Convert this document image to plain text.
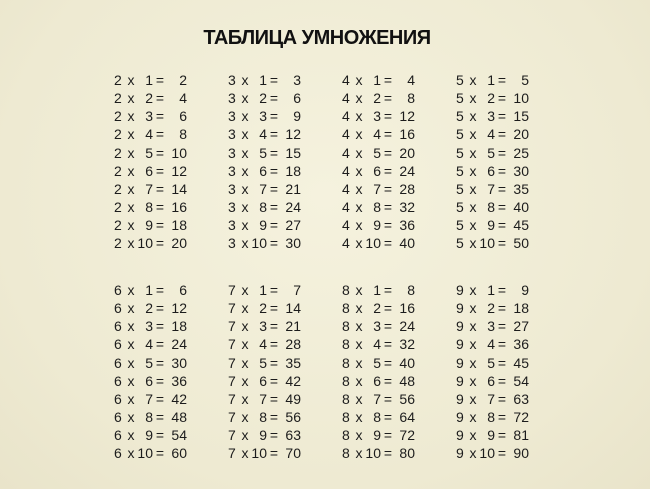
ТАБЛИЦА УМНОЖЕНИЯ
2 x 1 =	2
2 x 2 =	4
2 x 3 =	6
2 x 4 =	8
2 x 5 = 10
2 x 6 = 12
2 x 7 = 14
2 x 8 = 16
2 x 9 = 18
2 x 10 = 20
3 x 1 =	3
3 x 2 =	6
3 x 3 =	9
3 x 4 = 12
3 x 5 = 15
3 x 6 = 18
3 x 7 = 21
3 x 8 = 24
3 x 9 = 27
3 x 10 = 30
4 x 1 =	4
4 x 2 =	8
4 x 3 = 12
4 x 4 = 16
4 x 5 = 20
4 x 6 = 24
4 x 7 = 28
4 x 8 = 32
4 x 9 = 36
4 x 10 = 40
5 x 1 =	5
5 x 2 = 10
5 x 3 = 15
5 x 4 = 20
5 x 5 = 25
5 x 6 = 30
5 x 7 = 35
5 x 8 = 40
5 x 9 = 45
5 x 10 = 50
6 x 1 =	6
6 x 2 = 12
6 x 3 = 18
6 x 4 = 24
6 x 5 = 30
6 x 6 = 36
6 x 7 = 42
6 x 8 = 48
6 x 9 = 54
6 x 10 = 60
7 x 1 =	7
7 x 2 = 14
7 x 3 = 21
7 x 4 = 28
7 x 5 = 35
7 x 6 = 42
7 x 7 = 49
7 x 8 = 56
7 x 9 = 63
7 x 10 = 70
8 x 1 =	8
8 x 2 = 16
8 x 3 = 24
8 x 4 = 32
8 x 5 = 40
8 x 6 = 48
8 x 7 = 56
8 x 8 = 64
8 x 9 = 72
8 x 10 = 80
9 x 1 =	9
9 x 2 = 18
9 x 3 = 27
9 x 4 = 36
9 x 5 = 45
9 x 6 = 54
9 x 7 = 63
9 x 8 = 72
9 x 9 = 81
9 x 10 = 90
